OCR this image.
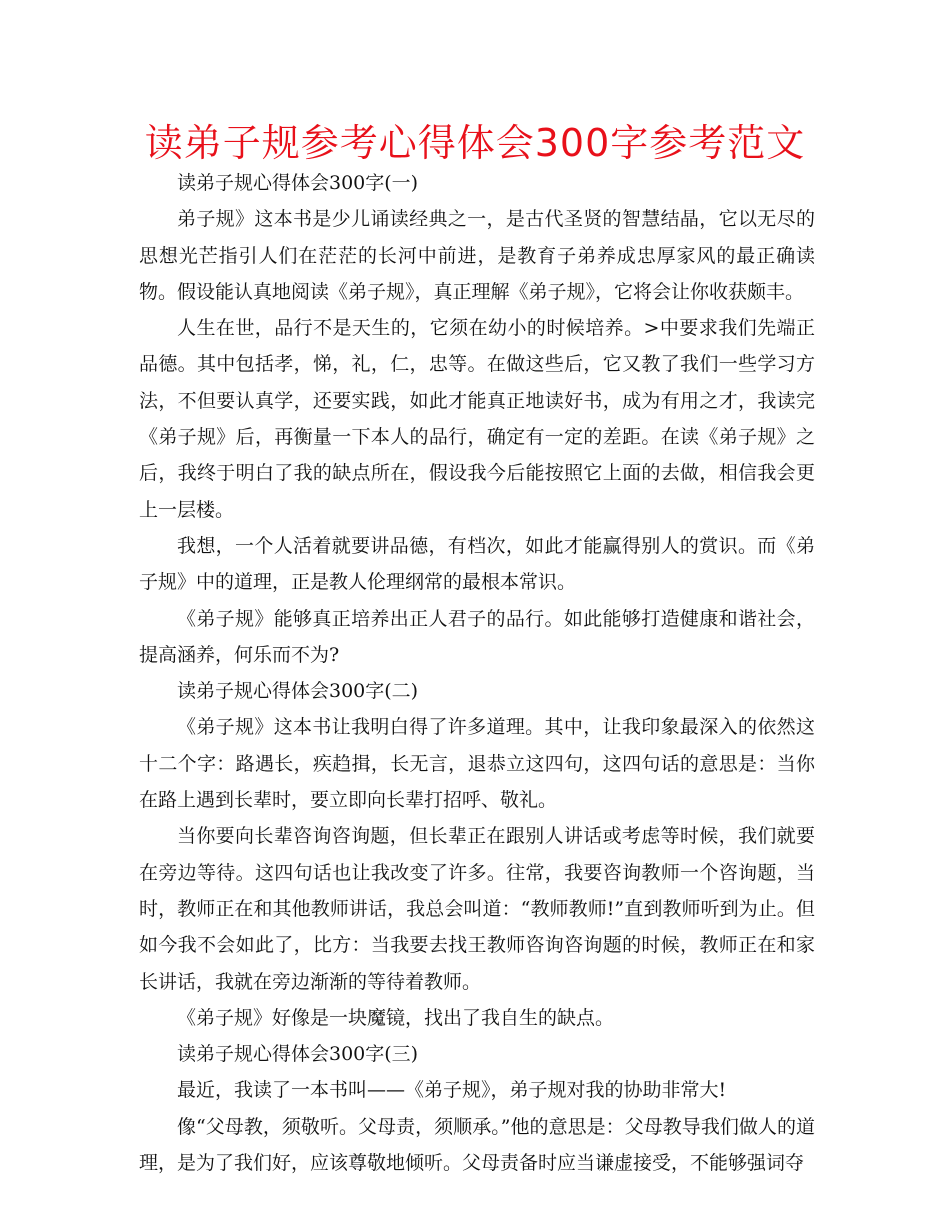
读弟子规参考心得体会300字参考范文

读弟子规心得体会300字(一)

弟子规》这本书是少儿诵读经典之一，是古代圣贤的智慧结晶，它以无尽的思想光芒指引人们在茫茫的长河中前进，是教育子弟养成忠厚家风的最正确读物。假设能认真地阅读《弟子规》，真正理解《弟子规》，它将会让你收获颇丰。

人生在世，品行不是天生的，它须在幼小的时候培养。>中要求我们先端正品德。其中包括孝，悌，礼，仁，忠等。在做这些后，它又教了我们一些学习方法，不但要认真学，还要实践，如此才能真正地读好书，成为有用之才，我读完《弟子规》后，再衡量一下本人的品行，确定有一定的差距。在读《弟子规》之后，我终于明白了我的缺点所在，假设我今后能按照它上面的去做，相信我会更上一层楼。

我想，一个人活着就要讲品德，有档次，如此才能赢得别人的赏识。而《弟子规》中的道理，正是教人伦理纲常的最根本常识。

《弟子规》能够真正培养出正人君子的品行。如此能够打造健康和谐社会，提高涵养，何乐而不为?

读弟子规心得体会300字(二)

《弟子规》这本书让我明白得了许多道理。其中，让我印象最深入的依然这十二个字：路遇长，疾趋揖，长无言，退恭立这四句，这四句话的意思是：当你在路上遇到长辈时，要立即向长辈打招呼、敬礼。

当你要向长辈咨询咨询题，但长辈正在跟别人讲话或考虑等时候，我们就要在旁边等待。这四句话也让我改变了许多。往常，我要咨询教师一个咨询题，当时，教师正在和其他教师讲话，我总会叫道：“教师教师!”直到教师听到为止。但如今我不会如此了，比方：当我要去找王教师咨询咨询题的时候，教师正在和家长讲话，我就在旁边渐渐的等待着教师。

《弟子规》好像是一块魔镜，找出了我自生的缺点。

读弟子规心得体会300字(三)

最近，我读了一本书叫——《弟子规》，弟子规对我的协助非常大!

像“父母教，须敬听。父母责，须顺承。”他的意思是：父母教导我们做人的道理，是为了我们好，应该尊敬地倾听。父母责备时应当谦虚接受，不能够强词夺
